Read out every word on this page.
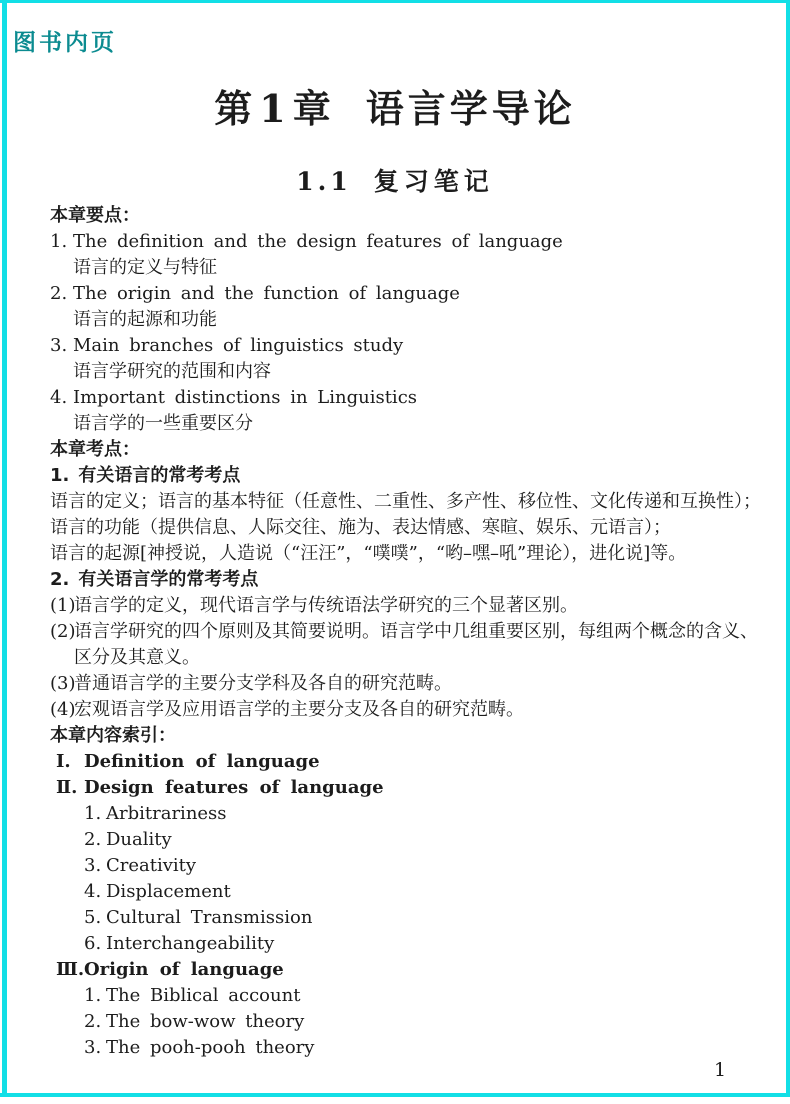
图书内页
第1章 语言学导论
1.1 复习笔记
本章要点：
1. The definition and the design features of language
语言的定义与特征
2. The origin and the function of language
语言的起源和功能
3. Main branches of linguistics study
语言学研究的范围和内容
4. Important distinctions in Linguistics
语言学的一些重要区分
本章考点：
1. 有关语言的常考考点
语言的定义；语言的基本特征（任意性、二重性、多产性、移位性、文化传递和互换性）；
语言的功能（提供信息、人际交往、施为、表达情感、寒暄、娱乐、元语言）；
语言的起源[神授说，人造说（“汪汪”，“噗噗”，“哟–嘿–吼”理论），进化说]等。
2. 有关语言学的常考考点
(1)语言学的定义，现代语言学与传统语法学研究的三个显著区别。
(2)语言学研究的四个原则及其简要说明。语言学中几组重要区别，每组两个概念的含义、
区分及其意义。
(3)普通语言学的主要分支学科及各自的研究范畴。
(4)宏观语言学及应用语言学的主要分支及各自的研究范畴。
本章内容索引：
Ⅰ. Definition of language
Ⅱ. Design features of language
1. Arbitrariness
2. Duality
3. Creativity
4. Displacement
5. Cultural Transmission
6. Interchangeability
Ⅲ.Origin of language
1. The Biblical account
2. The bow-wow theory
3. The pooh-pooh theory
1
